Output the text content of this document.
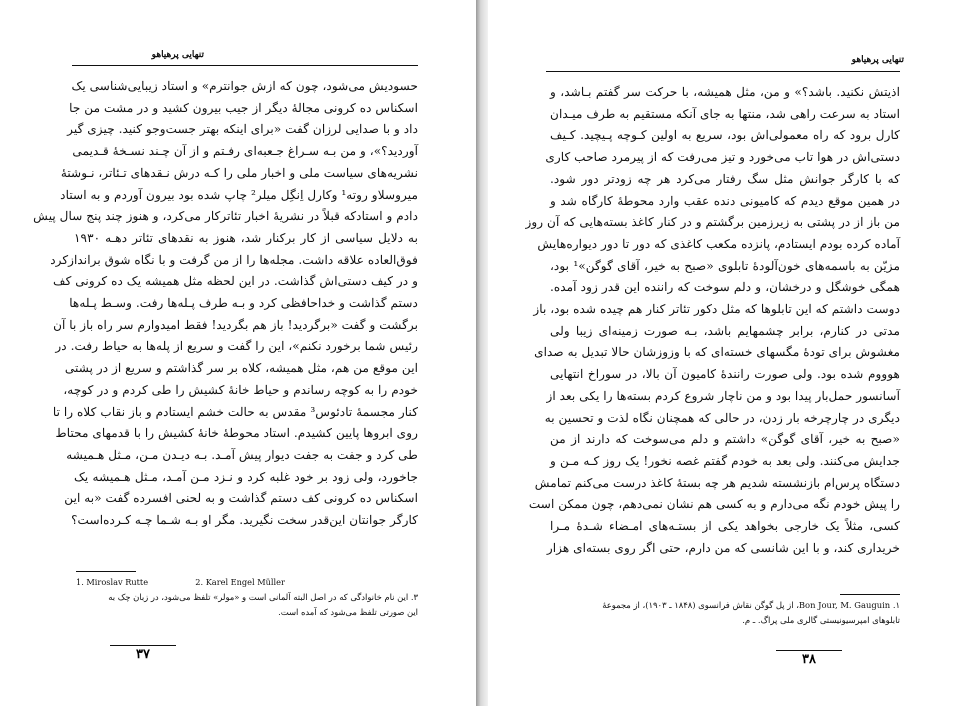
تنهایی پرهیاهو
حسودیش می‌شود، چون که ازش جوانترم» و استاد زیبایی‌شناسی یک
اسکناس ده کرونی مجالهٔ دیگر از جیب بیرون کشید و در مشت من جا
داد و با صدایی لرزان گفت «برای اینکه بهتر جست‌وجو کنید. چیزی گیر
آوردید؟»، و من بـه سـراغ جـعبه‌ای رفـتم و از آن چـند نسـخهٔ قـدیمی
نشریه‌های سیاست ملی و اخبار ملی را کـه درش نـقدهای تـئاتر، نـوشتهٔ
میروسلاو روته¹ وکارل اِنگِل میلر² چاپ شده بود بیرون آوردم و به استاد
دادم و استادکه قبلاً در نشریهٔ اخبار تئاترکار می‌کرد، و هنوز چند پنج سال پیش
به دلایل سیاسی از کار برکنار شد، هنوز به نقدهای تئاتر دهـه ۱۹۳۰
فوق‌العاده علاقه داشت. مجله‌ها را از من گرفت و با نگاه شوق براندازکرد
و در کیف دستی‌اش گذاشت. در این لحظه مثل همیشه یک ده کرونی کف
دستم گذاشت و خداحافظی کرد و بـه طرف پـله‌ها رفت. وسـط پـله‌ها
برگشت و گفت «برگردید! باز هم بگردید! فقط امیدوارم سر راه باز با آن
رئیس شما برخورد نکنم»، این را گفت و سریع از پله‌ها به حیاط رفت. در
این موقع من هم، مثل همیشه، کلاه بر سر گذاشتم و سریع از در پشتی
خودم را به کوچه رساندم و حیاط خانهٔ کشیش را طی کردم و در کوچه،
کنار مجسمهٔ تادئوس³ مقدس به حالت خشم ایستادم و باز نقاب کلاه را تا
روی ابروها پایین کشیدم. استاد محوطهٔ خانهٔ کشیش را با قدمهای محتاط
طی کرد و جفت به جفت دیوار پیش آمـد. بـه دیـدن مـن، مـثل هـمیشه
جاخورد، ولی زود بر خود غلبه کرد و نـزد مـن آمـد، مـثل هـمیشه یک
اسکناس ده کرونی کف دستم گذاشت و به لحنی افسرده گفت «به این
کارگر جوانتان این‌قدر سخت نگیرید. مگر او بـه شـما چـه کـرده‌است؟
1. Miroslav Rutte	2. Karel Engel Müller
۳. این نام خانوادگی که در اصل البته آلمانی است و «مولر» تلفظ می‌شود، در زبان چک به
این صورتی تلفظ می‌شود که آمده است.
۳۷
تنهایی پرهیاهو
اذیتش نکنید. باشد؟» و من، مثل همیشه، با حرکت سر گفتم بـاشد، و
استاد به سرعت راهی شد، منتها به جای آنکه مستقیم به طرف میـدان
کارل برود که راه معمولی‌اش بود، سریع به اولین کـوچه پـیچید. کـیف
دستی‌اش در هوا تاب می‌خورد و تیز می‌رفت که از پیرمرد صاحب کاری
که با کارگر جوانش مثل سگ رفتار می‌کرد هر چه زودتر دور شود.
در همین موقع دیدم که کامیونی دنده عقب وارد محوطهٔ کارگاه شد و
من باز از در پشتی به زیرزمین برگشتم و در کنار کاغذ بسته‌هایی که آن روز
آماده کرده بودم ایستادم، پانزده مکعب کاغذی که دور تا دور دیواره‌هایش
مزیّن به باسمه‌های خون‌آلودهٔ تابلوی «صبح به خیر، آقای گوگن»¹ بود،
همگی خوشگل و درخشان، و دلم سوخت که راننده این قدر زود آمده.
دوست داشتم که این تابلوها که مثل دکور تئاتر کنار هم چیده شده بود، باز
مدتی در کنارم، برابر چشمهایم باشد، بـه صورت زمینه‌ای زیبا ولی
مغشوش برای تودهٔ مگسهای خسته‌ای که با وزوزشان حالا تبدیل به صدای
هوووم شده بود. ولی صورت رانندهٔ کامیون آن بالا، در سوراخ انتهایی
آسانسور حمل‌بار پیدا بود و من ناچار شروع کردم بسته‌ها را یکی بعد از
دیگری در چارچرخه بار زدن، در حالی که همچنان نگاه لذت و تحسین به
«صبح به خیر، آقای گوگن» داشتم و دلم می‌سوخت که دارند از من
جدایش می‌کنند. ولی بعد به خودم گفتم غصه نخور! یک روز کـه مـن و
دستگاه پرس‌ام بازنشسته شدیم هر چه بستهٔ کاغذ درست می‌کنم تمامش
را پیش خودم نگه می‌دارم و به کسی هم نشان نمی‌دهم، چون ممکن است
کسی، مثلاً یک خارجی بخواهد یکی از بستـه‌های امـضاء شـدهٔ مـرا
خریداری کند، و با این شانسی که من دارم، حتی اگر روی بسته‌ای هزار
۱. Bon Jour, M. Gauguin، از پل گوگن نقاش فرانسوی (۱۸۴۸ ـ ۱۹۰۳)، از مجموعهٔ
تابلوهای امپرسیونیستی گالری ملی پراگ. ـ م.
۳۸
